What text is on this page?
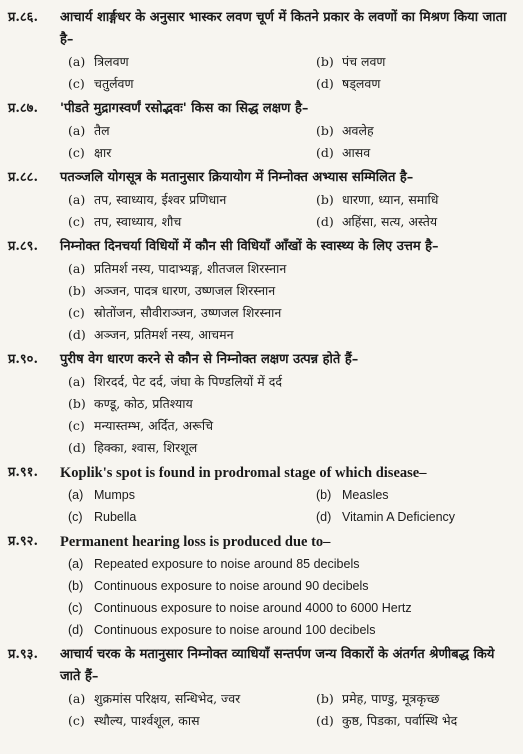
प्र.८६.	आचार्य शार्ङ्गधर के अनुसार भास्कर लवण चूर्ण में कितने प्रकार के लवणों का मिश्रण किया जाता है–
(a) त्रिलवण	(b) पंच लवण
(c) चतुर्लवण	(d) षड्लवण
प्र.८७.	'पीडते मुद्रागस्वर्णं रसोद्भवः' किस का सिद्ध लक्षण है–
(a) तैल	(b) अवलेह
(c) क्षार	(d) आसव
प्र.८८.	पतञ्जलि योगसूत्र के मतानुसार क्रियायोग में निम्नोक्त अभ्यास सम्मिलित है–
(a) तप, स्वाध्याय, ईश्वर प्रणिधान	(b) धारणा, ध्यान, समाधि
(c) तप, स्वाध्याय, शौच	(d) अहिंसा, सत्य, अस्तेय
प्र.८९.	निम्नोक्त दिनचर्या विधियों में कौन सी विधियाँ आँखों के स्वास्थ्य के लिए उत्तम है–
(a) प्रतिमर्श नस्य, पादाभ्यङ्ग, शीतजल शिरस्नान
(b) अञ्जन, पादत्र धारण, उष्णजल शिरस्नान
(c) स्रोतोंजन, सौवीराञ्जन, उष्णजल शिरस्नान
(d) अञ्जन, प्रतिमर्श नस्य, आचमन
प्र.९०.	पुरीष वेग धारण करने से कौन से निम्नोक्त लक्षण उत्पन्न होते हैं–
(a) शिरदर्द, पेट दर्द, जंघा के पिण्डलियों में दर्द
(b) कण्डू, कोठ, प्रतिश्याय
(c) मन्यास्तम्भ, अर्दित, अरूचि
(d) हिक्का, श्वास, शिरशूल
प्र.९१.	Koplik's spot is found in prodromal stage of which disease–
(a) Mumps	(b) Measles
(c) Rubella	(d) Vitamin A Deficiency
प्र.९२.	Permanent hearing loss is produced due to–
(a) Repeated exposure to noise around 85 decibels
(b) Continuous exposure to noise around 90 decibels
(c) Continuous exposure to noise around 4000 to 6000 Hertz
(d) Continuous exposure to noise around 100 decibels
प्र.९३.	आचार्य चरक के मतानुसार निम्नोक्त व्याधियाँ सन्तर्पण जन्य विकारों के अंतर्गत श्रेणीबद्ध किये जाते हैं–
(a) शुक्रमांस परिक्षय, सन्धिभेद, ज्वर	(b) प्रमेह, पाण्डु, मूत्रकृच्छ
(c) स्थौल्य, पार्श्वशूल, कास	(d) कुष्ठ, पिडका, पर्वास्थि भेद
